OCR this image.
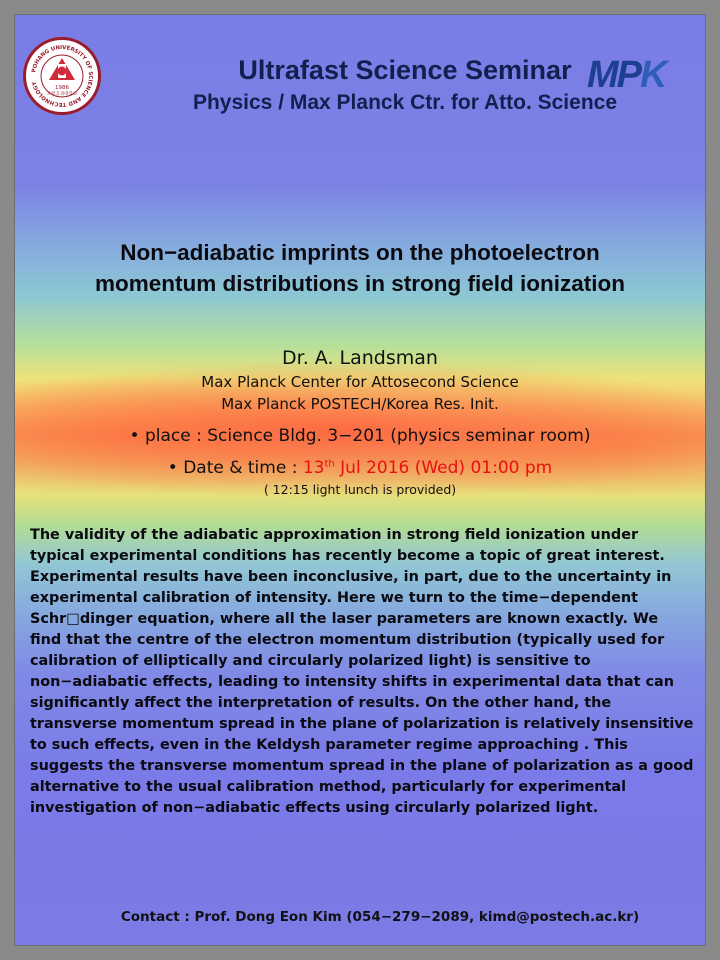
POHANG UNIVERSITY OF SCIENCE AND TECHNOLOGY
1986
포항공과대학교	MPK
Ultrafast Science Seminar
Physics / Max Planck Ctr. for Atto. Science
Non−adiabatic imprints on the photoelectron
momentum distributions in strong field ionization

Dr. A. Landsman

Max Planck Center for Attosecond Science

Max Planck POSTECH/Korea Res. Init.

• place : Science Bldg. 3−201 (physics seminar room)

• Date & time : 13th Jul 2016 (Wed) 01:00 pm

( 12:15 light lunch is provided)

The validity of the adiabatic approximation in strong field ionization under typical experimental conditions has recently become a topic of great interest. Experimental results have been inconclusive, in part, due to the uncertainty in experimental calibration of intensity. Here we turn to the time−dependent Schr□dinger equation, where all the laser parameters are known exactly. We find that the centre of the electron momentum distribution (typically used for calibration of elliptically and circularly polarized light) is sensitive to non−adiabatic effects, leading to intensity shifts in experimental data that can significantly affect the interpretation of results. On the other hand, the transverse momentum spread in the plane of polarization is relatively insensitive to such effects, even in the Keldysh parameter regime approaching . This suggests the transverse momentum spread in the plane of polarization as a good alternative to the usual calibration method, particularly for experimental investigation of non−adiabatic effects using circularly polarized light.

Contact : Prof. Dong Eon Kim (054−279−2089, kimd@postech.ac.kr)
